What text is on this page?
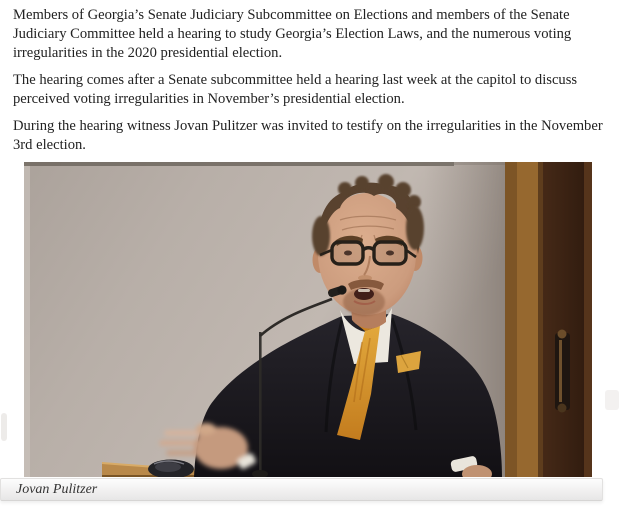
Members of Georgia’s Senate Judiciary Subcommittee on Elections and members of the Senate Judiciary Committee held a hearing to study Georgia’s Election Laws, and the numerous voting irregularities in the 2020 presidential election.

The hearing comes after a Senate subcommittee held a hearing last week at the capitol to discuss perceived voting irregularities in November’s presidential election.

During the hearing witness Jovan Pulitzer was invited to testify on the irregularities in the November 3rd election.

Jovan Pulitzer
